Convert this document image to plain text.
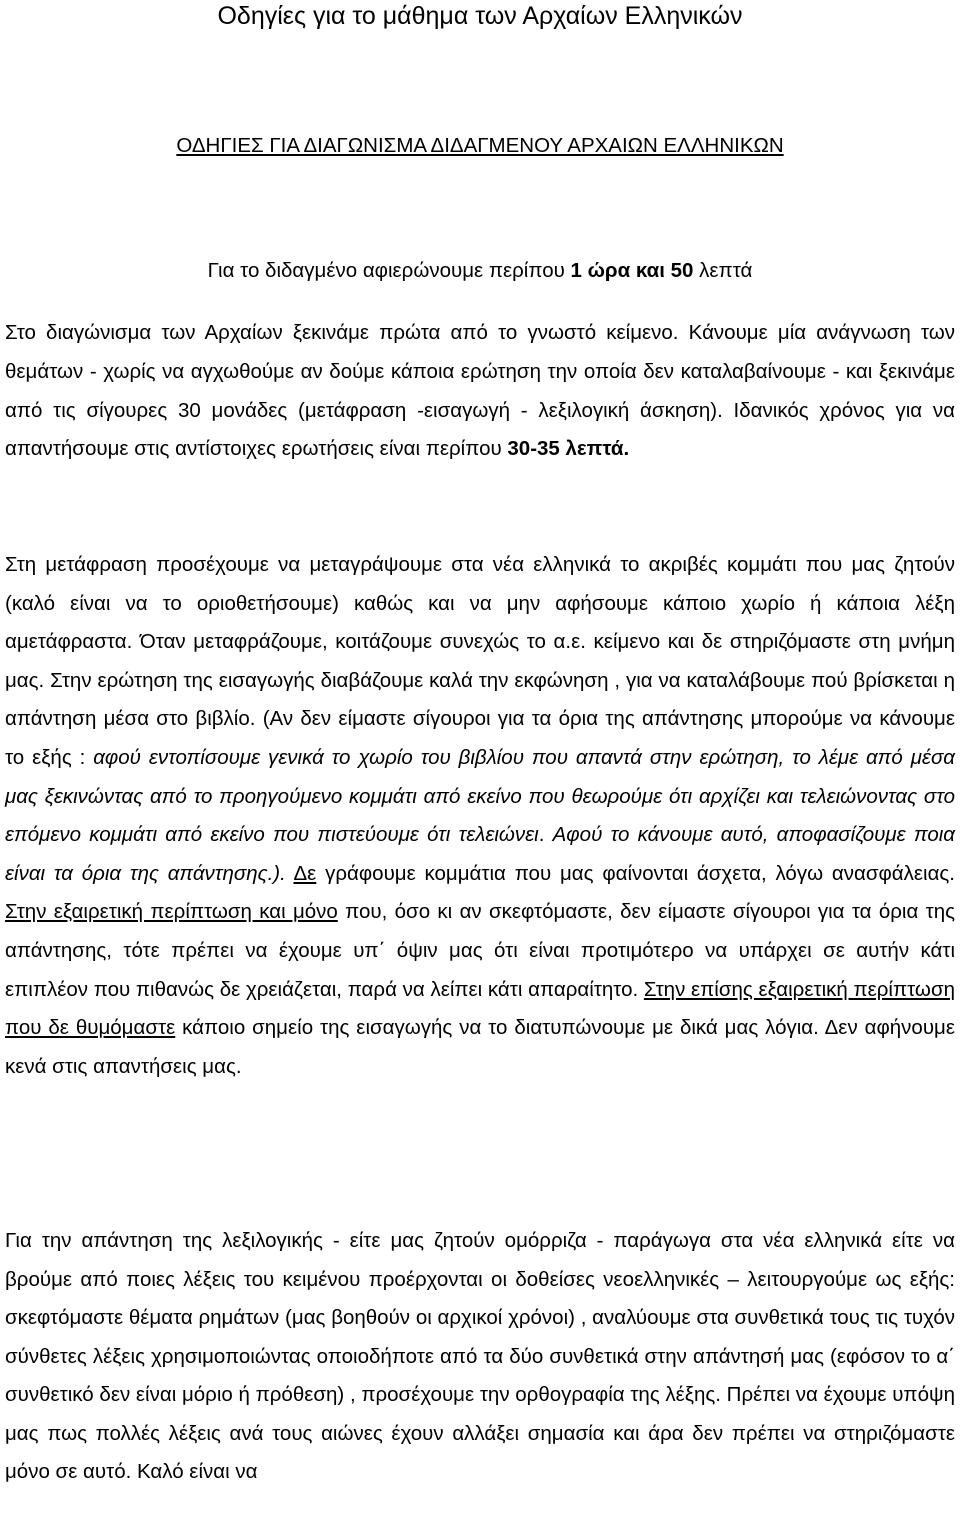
Οδηγίες για το μάθημα των Αρχαίων Ελληνικών

ΟΔΗΓΙΕΣ ΓΙΑ ΔΙΑΓΩΝΙΣΜΑ ΔΙΔΑΓΜΕΝΟΥ ΑΡΧΑΙΩΝ ΕΛΛΗΝΙΚΩΝ

Για το διδαγμένο αφιερώνουμε περίπου 1 ώρα και 50 λεπτά

Στο διαγώνισμα των Αρχαίων ξεκινάμε πρώτα από το γνωστό κείμενο. Κάνουμε μία ανάγνωση των θεμάτων - χωρίς να αγχωθούμε αν δούμε κάποια ερώτηση την οποία δεν καταλαβαίνουμε - και ξεκινάμε από τις σίγουρες 30 μονάδες (μετάφραση -εισαγωγή - λεξιλογική άσκηση). Ιδανικός χρόνος για να απαντήσουμε στις αντίστοιχες ερωτήσεις είναι περίπου 30-35 λεπτά.

Στη μετάφραση προσέχουμε να μεταγράψουμε στα νέα ελληνικά το ακριβές κομμάτι που μας ζητούν (καλό είναι να το οριοθετήσουμε) καθώς και να μην αφήσουμε κάποιο χωρίο ή κάποια λέξη αμετάφραστα. Όταν μεταφράζουμε, κοιτάζουμε συνεχώς το α.ε. κείμενο και δε στηριζόμαστε στη μνήμη μας. Στην ερώτηση της εισαγωγής διαβάζουμε καλά την εκφώνηση , για να καταλάβουμε πού βρίσκεται η απάντηση μέσα στο βιβλίο. (Αν δεν είμαστε σίγουροι για τα όρια της απάντησης μπορούμε να κάνουμε το εξής : αφού εντοπίσουμε γενικά το χωρίο του βιβλίου που απαντά στην ερώτηση, το λέμε από μέσα μας ξεκινώντας από το προηγούμενο κομμάτι από εκείνο που θεωρούμε ότι αρχίζει και τελειώνοντας στο επόμενο κομμάτι από εκείνο που πιστεύουμε ότι τελειώνει. Αφού το κάνουμε αυτό, αποφασίζουμε ποια είναι τα όρια της απάντησης.). Δε γράφουμε κομμάτια που μας φαίνονται άσχετα, λόγω ανασφάλειας. Στην εξαιρετική περίπτωση και μόνο που, όσο κι αν σκεφτόμαστε, δεν είμαστε σίγουροι για τα όρια της απάντησης, τότε πρέπει να έχουμε υπ΄ όψιν μας ότι είναι προτιμότερο να υπάρχει σε αυτήν κάτι επιπλέον που πιθανώς δε χρειάζεται, παρά να λείπει κάτι απαραίτητο. Στην επίσης εξαιρετική περίπτωση που δε θυμόμαστε κάποιο σημείο της εισαγωγής να το διατυπώνουμε με δικά μας λόγια. Δεν αφήνουμε κενά στις απαντήσεις μας.

Για την απάντηση της λεξιλογικής - είτε μας ζητούν ομόρριζα - παράγωγα στα νέα ελληνικά είτε να βρούμε από ποιες λέξεις του κειμένου προέρχονται οι δοθείσες νεοελληνικές – λειτουργούμε ως εξής: σκεφτόμαστε θέματα ρημάτων (μας βοηθούν οι αρχικοί χρόνοι) , αναλύουμε στα συνθετικά τους τις τυχόν σύνθετες λέξεις χρησιμοποιώντας οποιοδήποτε από τα δύο συνθετικά στην απάντησή μας (εφόσον το α΄ συνθετικό δεν είναι μόριο ή πρόθεση) , προσέχουμε την ορθογραφία της λέξης. Πρέπει να έχουμε υπόψη μας πως πολλές λέξεις ανά τους αιώνες έχουν αλλάξει σημασία και άρα δεν πρέπει να στηριζόμαστε μόνο σε αυτό. Καλό είναι να
